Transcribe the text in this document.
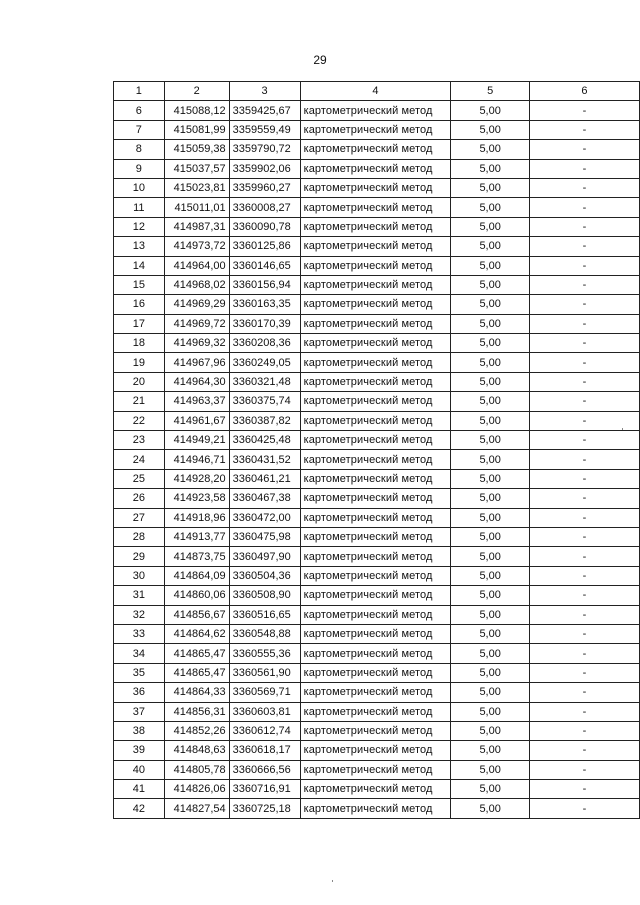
29
1	2	3	4	5	6
6	415088,12	3359425,67	картометрический метод	5,00	-
7	415081,99	3359559,49	картометрический метод	5,00	-
8	415059,38	3359790,72	картометрический метод	5,00	-
9	415037,57	3359902,06	картометрический метод	5,00	-
10	415023,81	3359960,27	картометрический метод	5,00	-
11	415011,01	3360008,27	картометрический метод	5,00	-
12	414987,31	3360090,78	картометрический метод	5,00	-
13	414973,72	3360125,86	картометрический метод	5,00	-
14	414964,00	3360146,65	картометрический метод	5,00	-
15	414968,02	3360156,94	картометрический метод	5,00	-
16	414969,29	3360163,35	картометрический метод	5,00	-
17	414969,72	3360170,39	картометрический метод	5,00	-
18	414969,32	3360208,36	картометрический метод	5,00	-
19	414967,96	3360249,05	картометрический метод	5,00	-
20	414964,30	3360321,48	картометрический метод	5,00	-
21	414963,37	3360375,74	картометрический метод	5,00	-
22	414961,67	3360387,82	картометрический метод	5,00	-
23	414949,21	3360425,48	картометрический метод	5,00	-
24	414946,71	3360431,52	картометрический метод	5,00	-
25	414928,20	3360461,21	картометрический метод	5,00	-
26	414923,58	3360467,38	картометрический метод	5,00	-
27	414918,96	3360472,00	картометрический метод	5,00	-
28	414913,77	3360475,98	картометрический метод	5,00	-
29	414873,75	3360497,90	картометрический метод	5,00	-
30	414864,09	3360504,36	картометрический метод	5,00	-
31	414860,06	3360508,90	картометрический метод	5,00	-
32	414856,67	3360516,65	картометрический метод	5,00	-
33	414864,62	3360548,88	картометрический метод	5,00	-
34	414865,47	3360555,36	картометрический метод	5,00	-
35	414865,47	3360561,90	картометрический метод	5,00	-
36	414864,33	3360569,71	картометрический метод	5,00	-
37	414856,31	3360603,81	картометрический метод	5,00	-
38	414852,26	3360612,74	картометрический метод	5,00	-
39	414848,63	3360618,17	картометрический метод	5,00	-
40	414805,78	3360666,56	картометрический метод	5,00	-
41	414826,06	3360716,91	картометрический метод	5,00	-
42	414827,54	3360725,18	картометрический метод	5,00	-
